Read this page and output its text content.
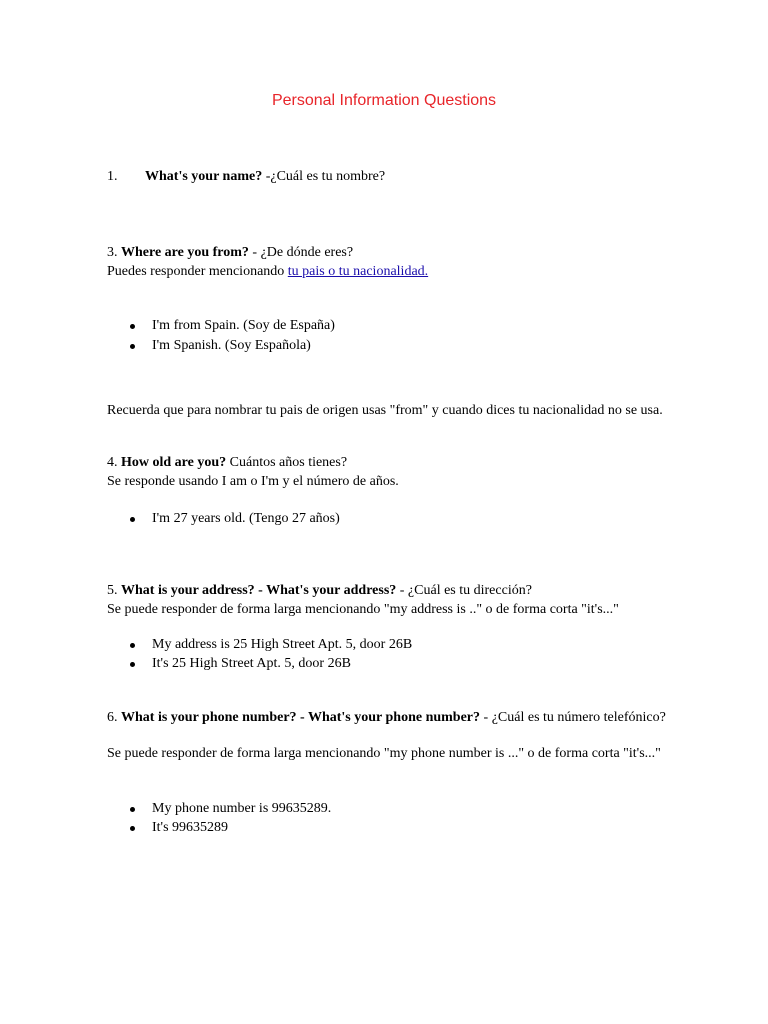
Personal Information Questions
1. What's your name? -¿Cuál es tu nombre?
3. Where are you from? - ¿De dónde eres?
Puedes responder mencionando tu pais o tu nacionalidad.
I'm from Spain. (Soy de España)
I'm Spanish. (Soy Española)
Recuerda que para nombrar tu pais de origen usas "from" y cuando dices tu nacionalidad no se usa.
4. How old are you? Cuántos años tienes?
Se responde usando I am o I'm y el número de años.
I'm 27 years old. (Tengo 27 años)
5. What is your address? - What's your address? - ¿Cuál es tu dirección?
Se puede responder de forma larga mencionando "my address is .." o de forma corta "it's..."
My address is 25 High Street Apt. 5, door 26B
It's 25 High Street Apt. 5, door 26B
6. What is your phone number? - What's your phone number? - ¿Cuál es tu número telefónico?
Se puede responder de forma larga mencionando "my phone number is ..." o de forma corta "it's..."
My phone number is 99635289.
It's 99635289
